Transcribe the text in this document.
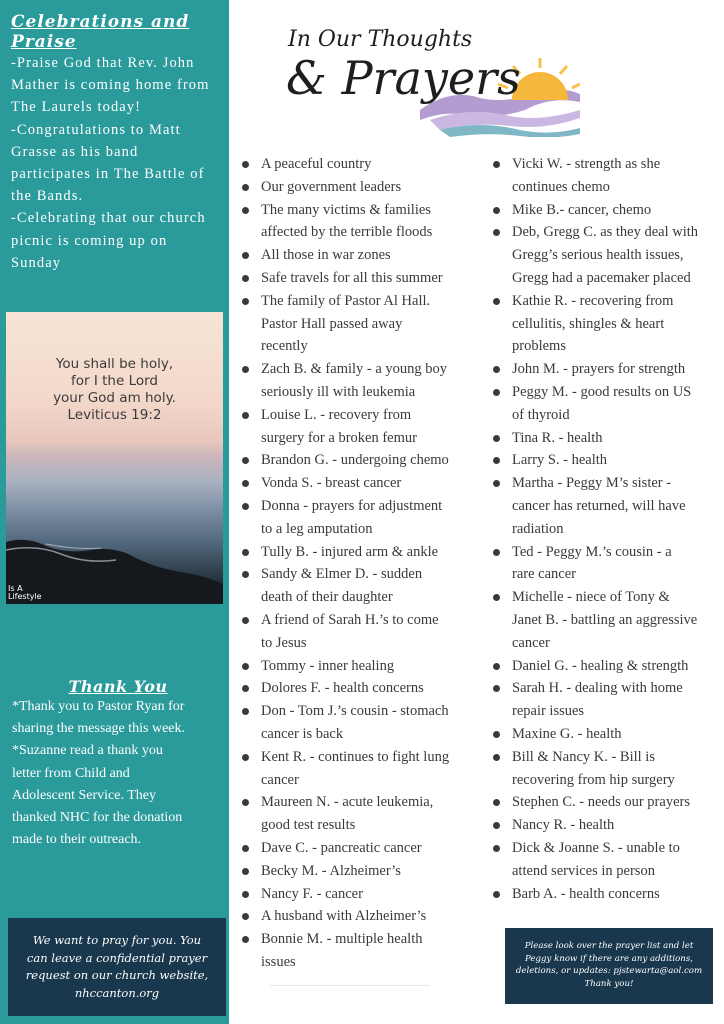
Celebrations and Praise
-Praise God that Rev. John
Mather is coming home from
The Laurels today!
-Congratulations to Matt
Grasse as his band
participates in The Battle of
the Bands.
-Celebrating that our church
picnic is coming up on
Sunday
You shall be holy,
for I the Lord
your God am holy.
Leviticus 19:2
Is A
Lifestyle
Thank You
*Thank you to Pastor Ryan for
sharing the message this week.
*Suzanne read a thank you
letter from Child and
Adolescent Service. They
thanked NHC for the donation
made to their outreach.
We want to pray for you. You
can leave a confidential prayer
request on our church website,
nhccanton.org
In Our Thoughts
& Prayers
A peaceful country
Our government leaders
The many victims & families
affected by the terrible floods
All those in war zones
Safe travels for all this summer
The family of Pastor Al Hall.
Pastor Hall passed away
recently
Zach B. & family - a young boy
seriously ill with leukemia
Louise L. - recovery from
surgery for a broken femur
Brandon G. - undergoing chemo
Vonda S. - breast cancer
Donna - prayers for adjustment
to a leg amputation
Tully B. - injured arm & ankle
Sandy & Elmer D. - sudden
death of their daughter
A friend of Sarah H.’s to come
to Jesus
Tommy - inner healing
Dolores F. - health concerns
Don - Tom J.’s cousin - stomach
cancer is back
Kent R. - continues to fight lung
cancer
Maureen N. - acute leukemia,
good test results
Dave C. - pancreatic cancer
Becky M. - Alzheimer’s
Nancy F. - cancer
A husband with Alzheimer’s
Bonnie M. - multiple health
issues
Vicki W. - strength as she
continues chemo
Mike B.- cancer, chemo
Deb, Gregg C. as they deal with
Gregg’s serious health issues,
Gregg had a pacemaker placed
Kathie R. - recovering from
cellulitis, shingles & heart
problems
John M. - prayers for strength
Peggy M. - good results on US
of thyroid
Tina R. - health
Larry S. - health
Martha - Peggy M’s sister -
cancer has returned, will have
radiation
Ted - Peggy M.’s cousin - a
rare cancer
Michelle - niece of Tony &
Janet B. - battling an aggressive
cancer
Daniel G. - healing & strength
Sarah H. - dealing with home
repair issues
Maxine G. - health
Bill & Nancy K. - Bill is
recovering from hip surgery
Stephen C. - needs our prayers
Nancy R. - health
Dick & Joanne S. - unable to
attend services in person
Barb A. - health concerns
Please look over the prayer list and let
Peggy know if there are any additions,
deletions, or updates: pjstewarta@aol.com
Thank you!
